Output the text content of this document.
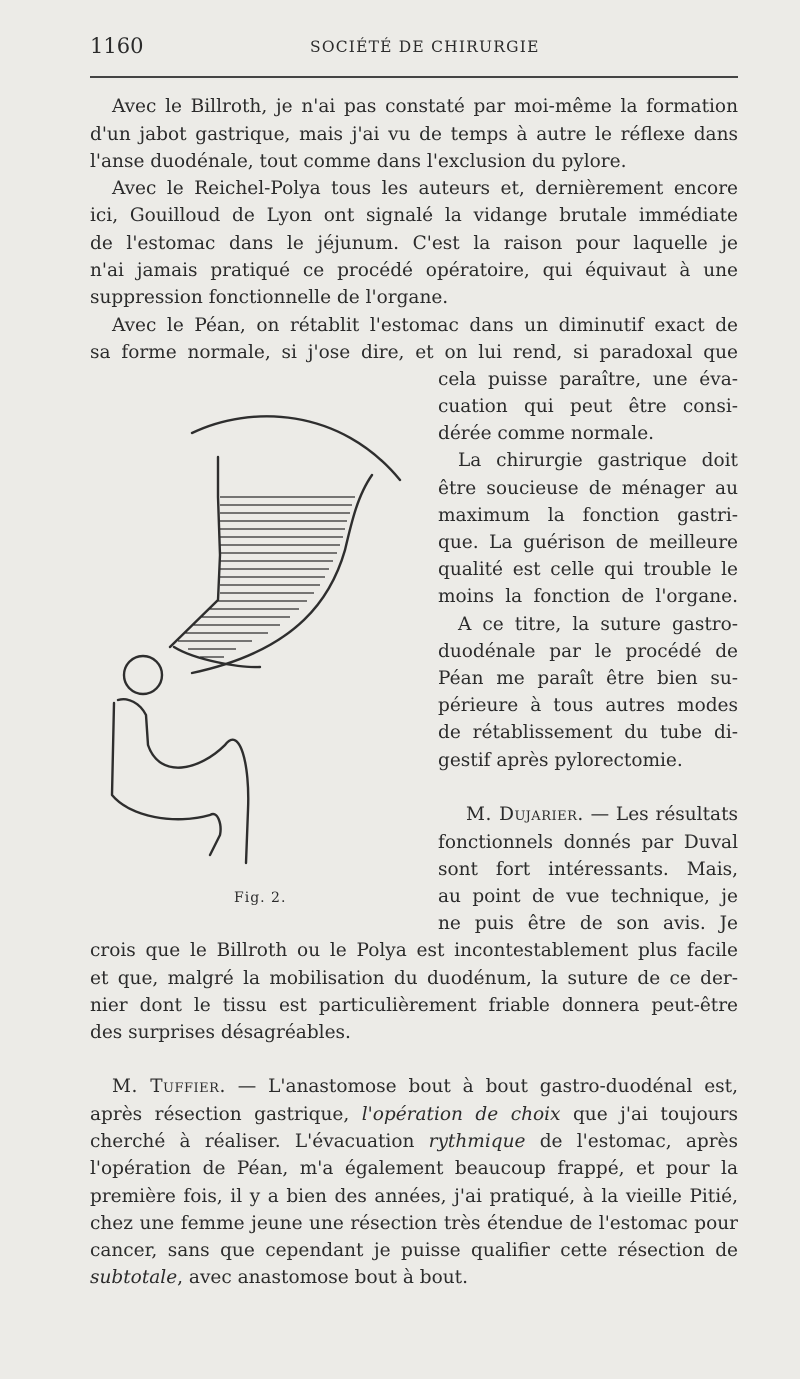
1160	SOCIÉTÉ DE CHIRURGIE
Avec le Billroth, je n'ai pas constaté par moi-même la formation
d'un jabot gastrique, mais j'ai vu de temps à autre le réflexe dans
l'anse duodénale, tout comme dans l'exclusion du pylore.
Avec le Reichel-Polya tous les auteurs et, dernièrement encore
ici, Gouilloud de Lyon ont signalé la vidange brutale immédiate
de l'estomac dans le jéjunum. C'est la raison pour laquelle je
n'ai jamais pratiqué ce procédé opératoire, qui équivaut à une
suppression fonctionnelle de l'organe.
Avec le Péan, on rétablit l'estomac dans un diminutif exact de
sa forme normale, si j'ose dire, et on lui rend, si paradoxal que
cela puisse paraître, une éva-
cuation qui peut être consi-
dérée comme normale.
La chirurgie gastrique doit
être soucieuse de ménager au
maximum la fonction gastri-
que. La guérison de meilleure
qualité est celle qui trouble le
moins la fonction de l'organe.
A ce titre, la suture gastro-
duodénale par le procédé de
Péan me paraît être bien su-
périeure à tous autres modes
de rétablissement du tube di-
gestif après pylorectomie.
M. Dujarier. — Les résultats
fonctionnels donnés par Duval
sont fort intéressants. Mais,
au point de vue technique, je
ne puis être de son avis. Je
crois que le Billroth ou le Polya est incontestablement plus facile
et que, malgré la mobilisation du duodénum, la suture de ce der-
nier dont le tissu est particulièrement friable donnera peut-être
des surprises désagréables.
M. Tuffier. — L'anastomose bout à bout gastro-duodénal est,
après résection gastrique, l'opération de choix que j'ai toujours
cherché à réaliser. L'évacuation rythmique de l'estomac, après
l'opération de Péan, m'a également beaucoup frappé, et pour la
première fois, il y a bien des années, j'ai pratiqué, à la vieille Pitié,
chez une femme jeune une résection très étendue de l'estomac pour
cancer, sans que cependant je puisse qualifier cette résection de
subtotale, avec anastomose bout à bout.
Fig. 2.
